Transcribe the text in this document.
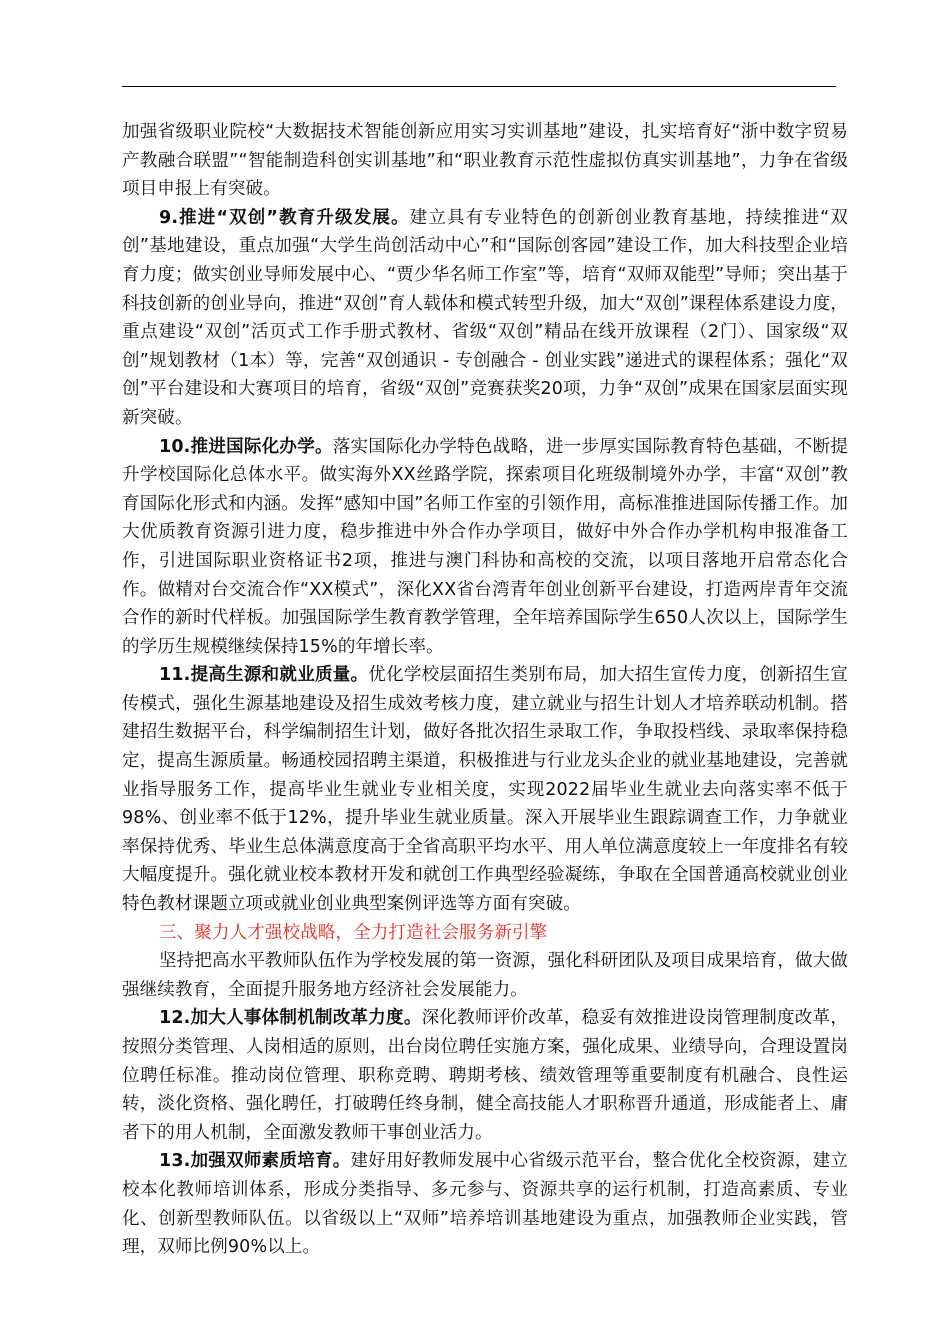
加强省级职业院校“大数据技术智能创新应用实习实训基地”建设，扎实培育好“浙中数字贸易产教融合联盟”“智能制造科创实训基地”和“职业教育示范性虚拟仿真实训基地”，力争在省级项目申报上有突破。

9.推进“双创”教育升级发展。建立具有专业特色的创新创业教育基地，持续推进“双创”基地建设，重点加强“大学生尚创活动中心”和“国际创客园”建设工作，加大科技型企业培育力度；做实创业导师发展中心、“贾少华名师工作室”等，培育“双师双能型”导师；突出基于科技创新的创业导向，推进“双创”育人载体和模式转型升级，加大“双创”课程体系建设力度，重点建设“双创”活页式工作手册式教材、省级“双创”精品在线开放课程（2门）、国家级“双创”规划教材（1本）等，完善“双创通识 - 专创融合 - 创业实践”递进式的课程体系；强化“双创”平台建设和大赛项目的培育，省级“双创”竞赛获奖20项，力争“双创”成果在国家层面实现新突破。

10.推进国际化办学。落实国际化办学特色战略，进一步厚实国际教育特色基础，不断提升学校国际化总体水平。做实海外XX丝路学院，探索项目化班级制境外办学，丰富“双创”教育国际化形式和内涵。发挥“感知中国”名师工作室的引领作用，高标准推进国际传播工作。加大优质教育资源引进力度，稳步推进中外合作办学项目，做好中外合作办学机构申报准备工作，引进国际职业资格证书2项，推进与澳门科协和高校的交流，以项目落地开启常态化合作。做精对台交流合作“XX模式”，深化XX省台湾青年创业创新平台建设，打造两岸青年交流合作的新时代样板。加强国际学生教育教学管理，全年培养国际学生650人次以上，国际学生的学历生规模继续保持15%的年增长率。

11.提高生源和就业质量。优化学校层面招生类别布局，加大招生宣传力度，创新招生宣传模式，强化生源基地建设及招生成效考核力度，建立就业与招生计划人才培养联动机制。搭建招生数据平台，科学编制招生计划，做好各批次招生录取工作，争取投档线、录取率保持稳定，提高生源质量。畅通校园招聘主渠道，积极推进与行业龙头企业的就业基地建设，完善就业指导服务工作，提高毕业生就业专业相关度，实现2022届毕业生就业去向落实率不低于98%、创业率不低于12%，提升毕业生就业质量。深入开展毕业生跟踪调查工作，力争就业率保持优秀、毕业生总体满意度高于全省高职平均水平、用人单位满意度较上一年度排名有较大幅度提升。强化就业校本教材开发和就创工作典型经验凝练，争取在全国普通高校就业创业特色教材课题立项或就业创业典型案例评选等方面有突破。

三、聚力人才强校战略，全力打造社会服务新引擎

坚持把高水平教师队伍作为学校发展的第一资源，强化科研团队及项目成果培育，做大做强继续教育，全面提升服务地方经济社会发展能力。

12.加大人事体制机制改革力度。深化教师评价改革，稳妥有效推进设岗管理制度改革，按照分类管理、人岗相适的原则，出台岗位聘任实施方案，强化成果、业绩导向，合理设置岗位聘任标准。推动岗位管理、职称竞聘、聘期考核、绩效管理等重要制度有机融合、良性运转，淡化资格、强化聘任，打破聘任终身制，健全高技能人才职称晋升通道，形成能者上、庸者下的用人机制，全面激发教师干事创业活力。

13.加强双师素质培育。建好用好教师发展中心省级示范平台，整合优化全校资源，建立校本化教师培训体系，形成分类指导、多元参与、资源共享的运行机制，打造高素质、专业化、创新型教师队伍。以省级以上“双师”培养培训基地建设为重点，加强教师企业实践，管理，双师比例90%以上。
